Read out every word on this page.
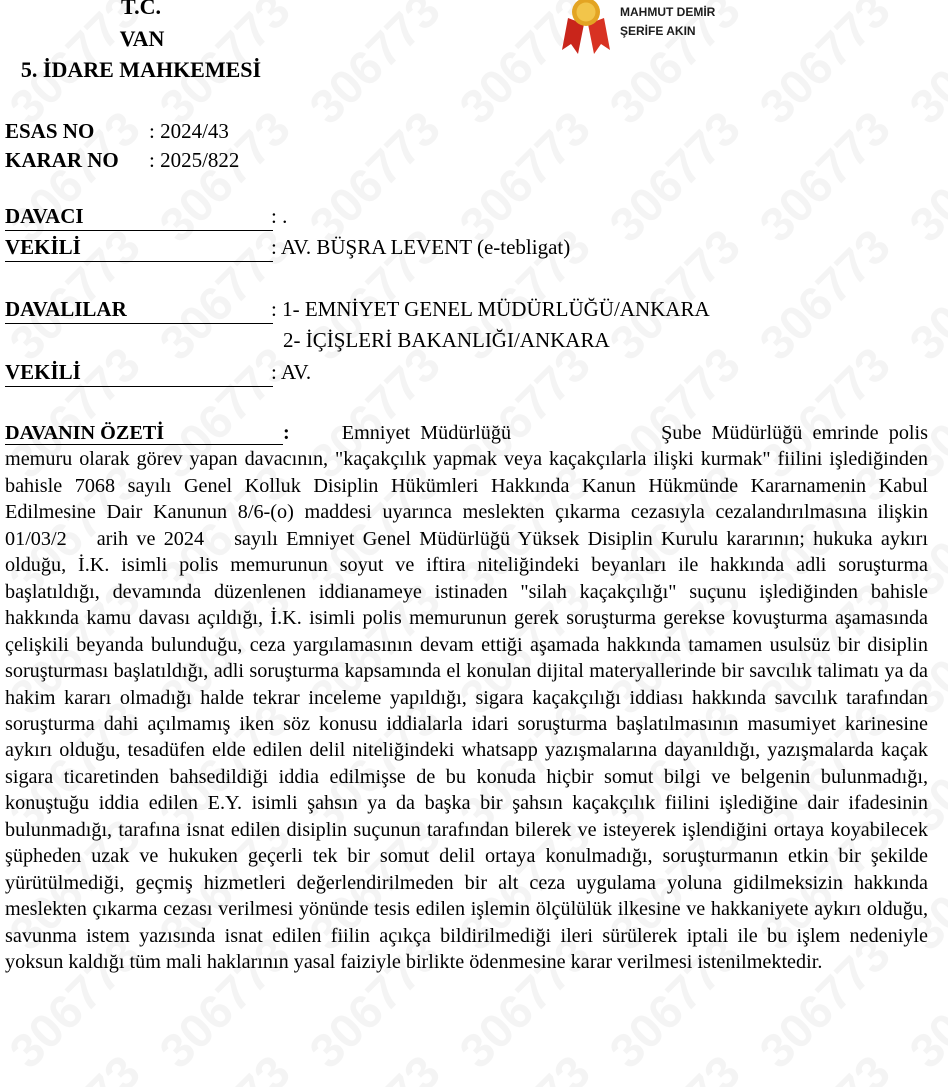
T.C.
VAN
5. İDARE MAHKEMESİ
MAHMUT DEMİR
ŞERİFE AKIN
ESAS NO	: 2024/43
KARAR NO : 2025/822
DAVACI	: .
VEKİLİ	: AV. BÜŞRA LEVENT (e-tebligat)
DAVALILAR	: 1- EMNİYET GENEL MÜDÜRLÜĞÜ/ANKARA
2- İÇİŞLERİ BAKANLIĞI/ANKARA
VEKİLİ	: AV.
DAVANIN ÖZETİ	:	Emniyet Müdürlüğü	Şube Müdürlüğü emrinde polis memuru olarak görev yapan davacının, "kaçakçılık yapmak veya kaçakçılarla ilişki kurmak" fiilini işlediğinden bahisle 7068 sayılı Genel Kolluk Disiplin Hükümleri Hakkında Kanun Hükmünde Kararnamenin Kabul Edilmesine Dair Kanunun 8/6-(o) maddesi uyarınca meslekten çıkarma cezasıyla cezalandırılmasına ilişkin 01/03/2 arih ve 2024 sayılı Emniyet Genel Müdürlüğü Yüksek Disiplin Kurulu kararının; hukuka aykırı olduğu, İ.K. isimli polis memurunun soyut ve iftira niteliğindeki beyanları ile hakkında adli soruşturma başlatıldığı, devamında düzenlenen iddianameye istinaden "silah kaçakçılığı" suçunu işlediğinden bahisle hakkında kamu davası açıldığı, İ.K. isimli polis memurunun gerek soruşturma gerekse kovuşturma aşamasında çelişkili beyanda bulunduğu, ceza yargılamasının devam ettiği aşamada hakkında tamamen usulsüz bir disiplin soruşturması başlatıldığı, adli soruşturma kapsamında el konulan dijital materyallerinde bir savcılık talimatı ya da hakim kararı olmadığı halde tekrar inceleme yapıldığı, sigara kaçakçılığı iddiası hakkında savcılık tarafından soruşturma dahi açılmamış iken söz konusu iddialarla idari soruşturma başlatılmasının masumiyet karinesine aykırı olduğu, tesadüfen elde edilen delil niteliğindeki whatsapp yazışmalarına dayanıldığı, yazışmalarda kaçak sigara ticaretinden bahsedildiği iddia edilmişse de bu konuda hiçbir somut bilgi ve belgenin bulunmadığı, konuştuğu iddia edilen E.Y. isimli şahsın ya da başka bir şahsın kaçakçılık fiilini işlediğine dair ifadesinin bulunmadığı, tarafına isnat edilen disiplin suçunun tarafından bilerek ve isteyerek işlendiğini ortaya koyabilecek şüpheden uzak ve hukuken geçerli tek bir somut delil ortaya konulmadığı, soruşturmanın etkin bir şekilde yürütülmediği, geçmiş hizmetleri değerlendirilmeden bir alt ceza uygulama yoluna gidilmeksizin hakkında meslekten çıkarma cezası verilmesi yönünde tesis edilen işlemin ölçülülük ilkesine ve hakkaniyete aykırı olduğu, savunma istem yazısında isnat edilen fiilin açıkça bildirilmediği ileri sürülerek iptali ile bu işlem nedeniyle yoksun kaldığı tüm mali haklarının yasal faiziyle birlikte ödenmesine karar verilmesi istenilmektedir.
